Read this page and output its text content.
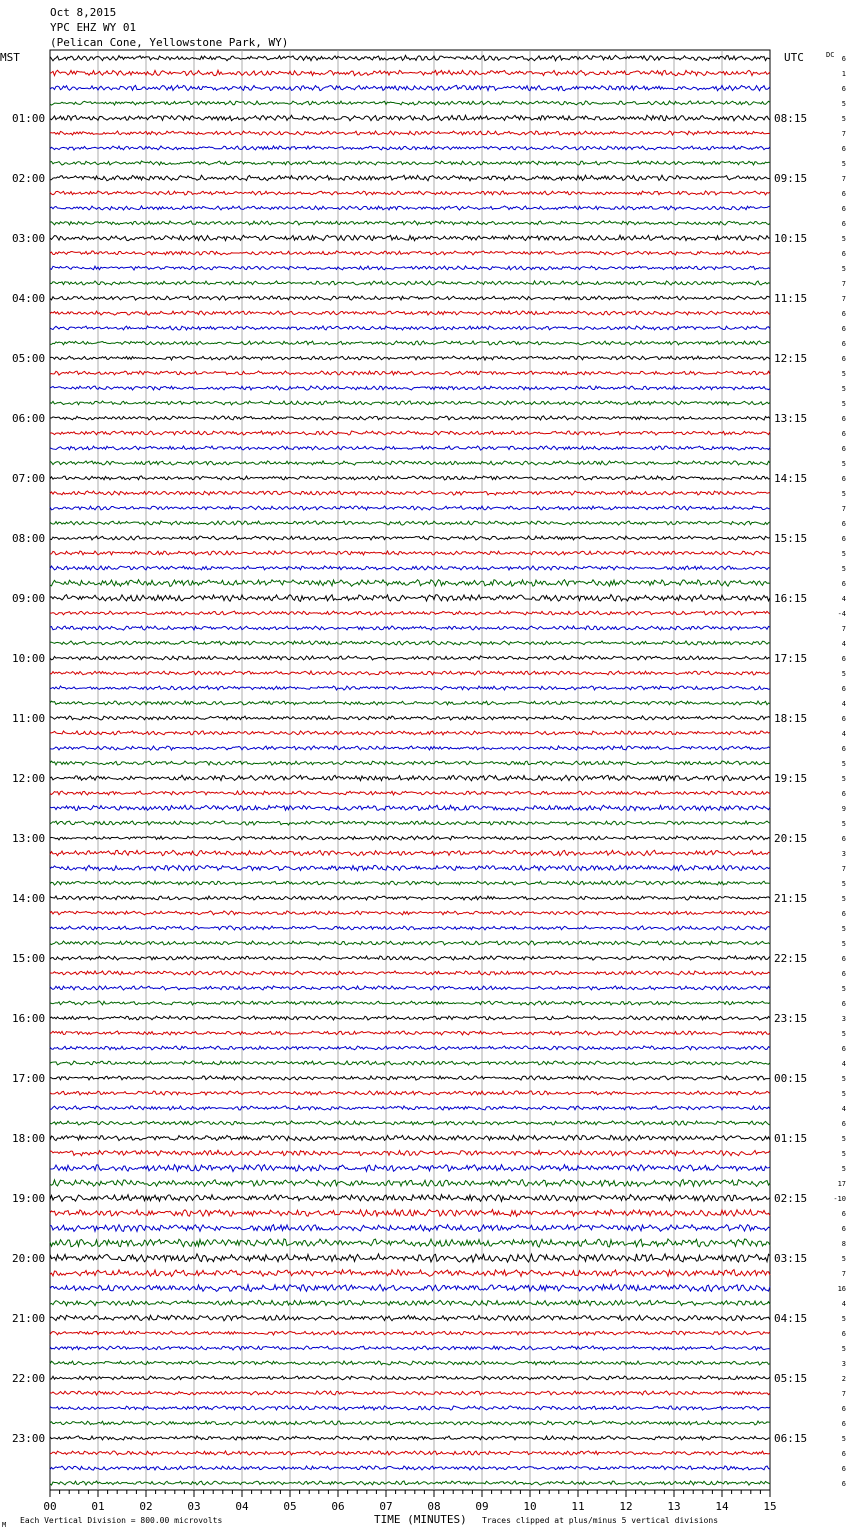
Oct 8,2015
YPC EHZ WY 01
(Pelican Cone, Yellowstone Park, WY)
MST	UTC	DC
01:00	08:15
02:00	09:15
03:00	10:15
04:00	11:15
05:00	12:15
06:00	13:15
07:00	14:15
08:00	15:15
09:00	16:15
10:00	17:15
11:00	18:15
12:00	19:15
13:00	20:15
14:00	21:15
15:00	22:15
16:00	23:15
17:00	00:15
18:00	01:15
19:00	02:15
20:00	03:15
21:00	04:15
22:00	05:15
23:00	06:15
6
1
6
5
5
7
6
5
7
6
6
6
5
6
5
7
7
6
6
6
6
5
5
5
6
6
6
5
6
5
7
6
6
5
5
6
4
-4
7
4
6
5
6
4
6
4
6
5
5
6
9
5
6
3
7
5
5
6
5
5
6
6
5
6
3
5
6
4
5
5
4
6
5
5
5
17
-10
6
6
8
5
7
16
4
5
6
5
3
2
7
6
6
5
6
6
6
00	01	02	03	04	05	06	07	08	09	10	11	12	13	14	15
M Each Vertical Division = 800.00 microvolts	TIME (MINUTES) Traces clipped at plus/minus 5 vertical divisions
